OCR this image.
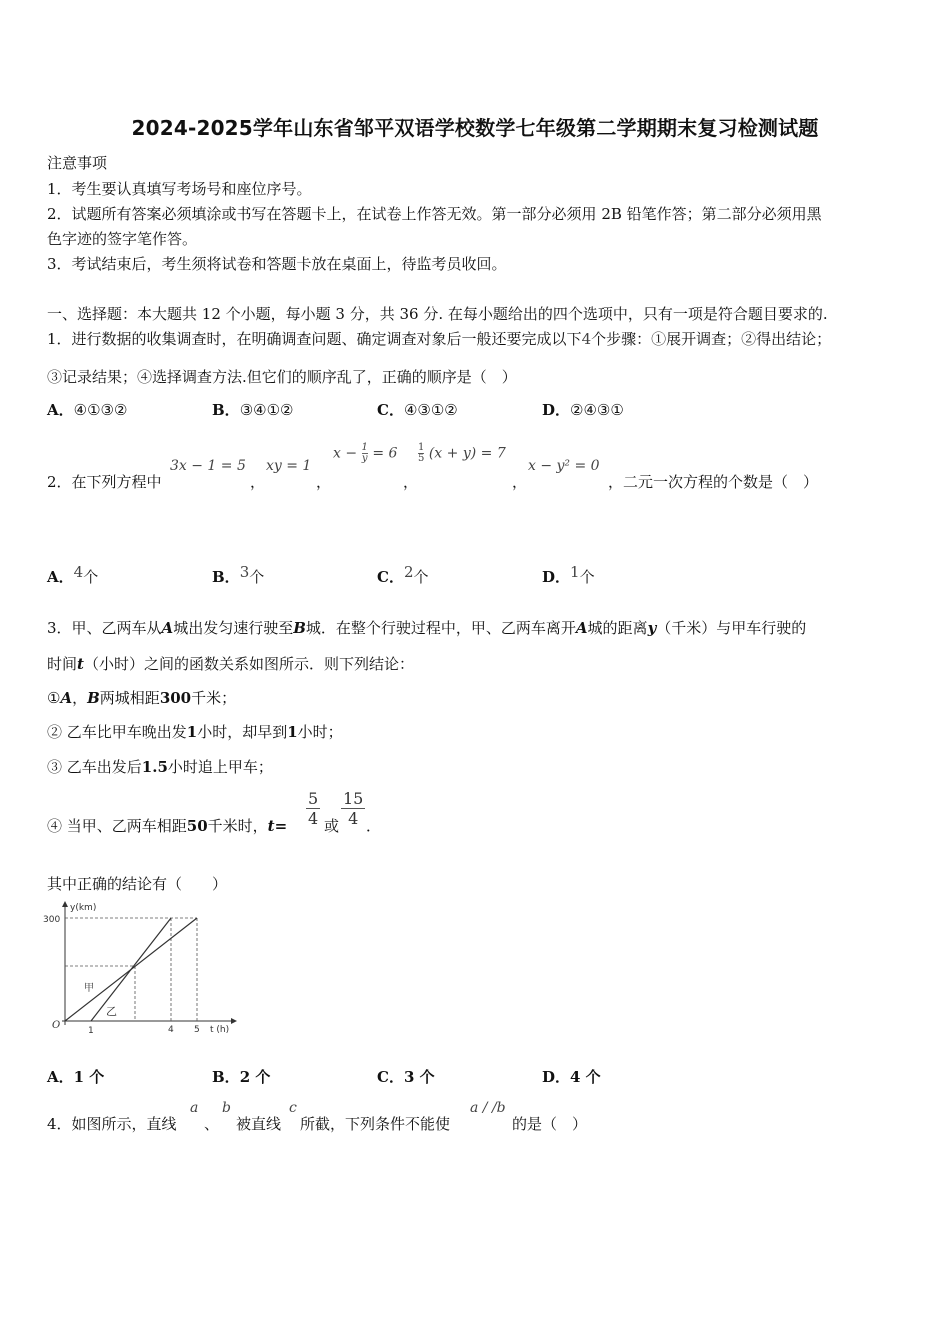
2024-2025学年山东省邹平双语学校数学七年级第二学期期末复习检测试题
注意事项
1．考生要认真填写考场号和座位序号。
2．试题所有答案必须填涂或书写在答题卡上，在试卷上作答无效。第一部分必须用 2B 铅笔作答；第二部分必须用黑
色字迹的签字笔作答。
3．考试结束后，考生须将试卷和答题卡放在桌面上，待监考员收回。
一、选择题：本大题共 12 个小题，每小题 3 分，共 36 分. 在每小题给出的四个选项中，只有一项是符合题目要求的.
1．进行数据的收集调查时，在明确调查问题、确定调查对象后一般还要完成以下4个步骤：①展开调查；②得出结论；
③记录结果；④选择调查方法.但它们的顺序乱了，正确的顺序是（　）
A．④①③②	B．③④①②	C．④③①②	D．②④③①
2．在下列方程中
3x − 1 = 5
，
xy = 1
，
$x - \frac{1}{y} = 6$
，
$\frac{1}{5} (x + y) = 7$
，
x − y² = 0
，二元一次方程的个数是（　）
A．4个	B．3个	C．2个	D．1个
3．甲、乙两车从A城出发匀速行驶至B城．在整个行驶过程中，甲、乙两车离开A城的距离y（千米）与甲车行驶的
时间t（小时）之间的函数关系如图所示．则下列结论：
①A，B两城相距300千米；
② 乙车比甲车晚出发1小时，却早到1小时；
③ 乙车出发后1.5小时追上甲车；
④ 当甲、乙两车相距50千米时，$t= \frac{5}{4}$ 或 $\frac{15}{4}$ ．
其中正确的结论有（　　）
y(km)
300
O	1	4 5 t (h)
甲
乙
A．1 个	B．2 个	C．3 个	D．4 个
4．如图所示，直线
a
、
b
被直线
c
所截，下列条件不能使
a / /b
的是（　）
